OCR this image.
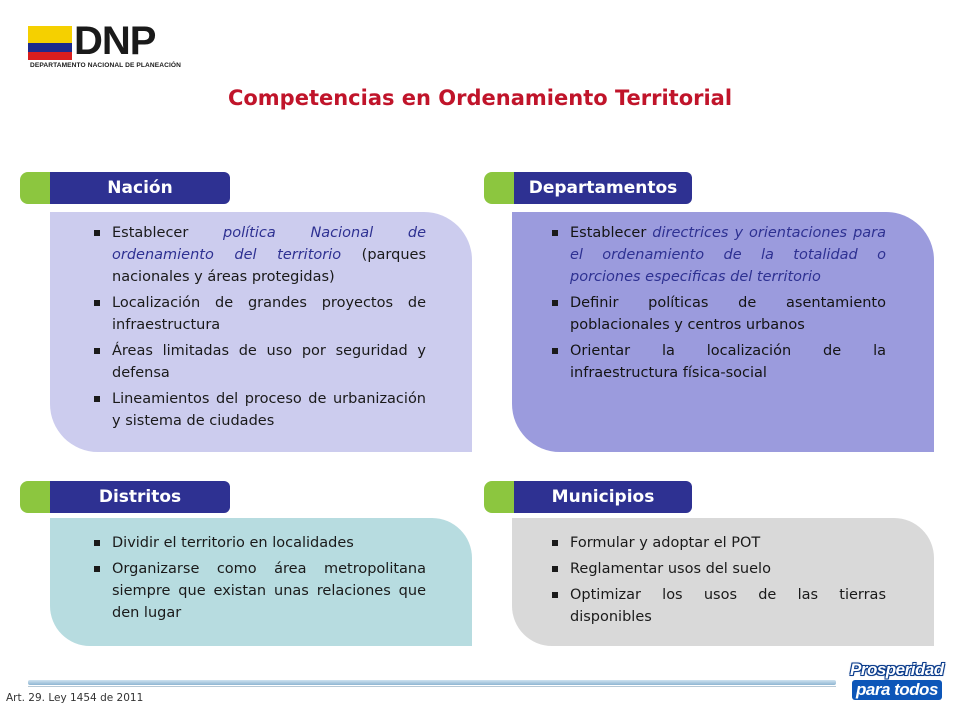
DNP
DEPARTAMENTO NACIONAL DE PLANEACIÓN
Competencias en Ordenamiento Territorial
Nación
Establecer política Nacional de ordenamiento del territorio (parques nacionales y áreas protegidas)
Localización de grandes proyectos de infraestructura
Áreas limitadas de uso por seguridad y defensa
Lineamientos del proceso de urbanización y sistema de ciudades
Departamentos
Establecer directrices y orientaciones para el ordenamiento de la totalidad o porciones especificas del territorio
Definir políticas de asentamiento poblacionales y centros urbanos
Orientar la localización de la infraestructura física-social
Distritos
Dividir el territorio en localidades
Organizarse como área metropolitana siempre que existan unas relaciones que den lugar
Municipios
Formular y adoptar el POT
Reglamentar usos del suelo
Optimizar los usos de las tierras disponibles
Art. 29. Ley 1454 de 2011
Prosperidad
para todos
